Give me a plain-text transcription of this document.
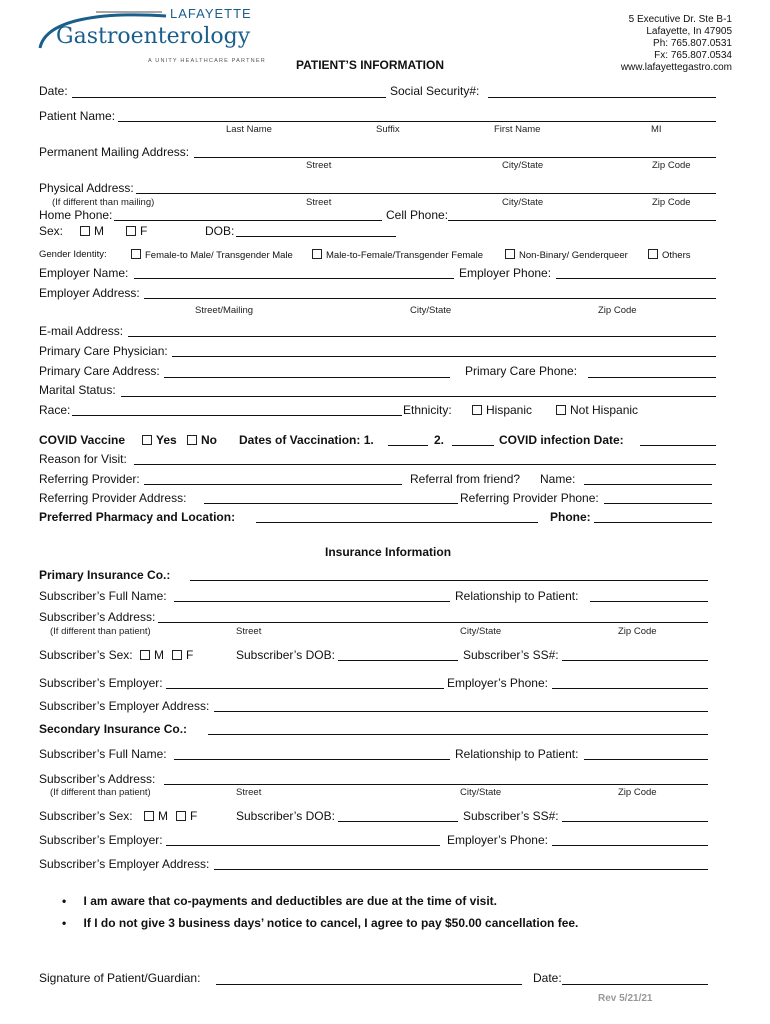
LAFAYETTE
Gastroenterology
A UNITY HEALTHCARE PARTNER
5 Executive Dr. Ste B-1
Lafayette, In 47905
Ph: 765.807.0531
Fx: 765.807.0534
www.lafayettegastro.com
PATIENT’S INFORMATION
Date:	Social Security#:
Patient Name:
Last Name	Suffix	First Name	MI
Permanent Mailing Address:
Street	City/State	Zip Code
Physical Address:
(If different than mailing)	Street	City/State	Zip Code
Home Phone:	Cell Phone:
Sex:	M	F	DOB:
Gender Identity:	Female-to Male/ Transgender Male	Male-to-Female/Transgender Female	Non-Binary/ Genderqueer	Others
Employer Name:	Employer Phone:
Employer Address:
Street/Mailing	City/State	Zip Code
E-mail Address:
Primary Care Physician:
Primary Care Address:	Primary Care Phone:
Marital Status:
Race:	Ethnicity:	Hispanic	Not Hispanic
COVID Vaccine	Yes	No Dates of Vaccination: 1.	2.	COVID infection Date:
Reason for Visit:
Referring Provider:	Referral from friend? Name:
Referring Provider Address:	Referring Provider Phone:
Preferred Pharmacy and Location:	Phone:
Insurance Information
Primary Insurance Co.:
Subscriber’s Full Name:	Relationship to Patient:
Subscriber’s Address:
(If different than patient)	Street	City/State	Zip Code
Subscriber’s Sex:	M	F	Subscriber’s DOB:	Subscriber’s SS#:
Subscriber’s Employer:	Employer’s Phone:
Subscriber’s Employer Address:
Secondary Insurance Co.:
Subscriber’s Full Name:	Relationship to Patient:
Subscriber’s Address:
(If different than patient)	Street	City/State	Zip Code
Subscriber’s Sex:	M	F	Subscriber’s DOB:	Subscriber’s SS#:
Subscriber’s Employer:	Employer’s Phone:
Subscriber’s Employer Address:
• I am aware that co-payments and deductibles are due at the time of visit.
• If I do not give 3 business days’ notice to cancel, I agree to pay $50.00 cancellation fee.
Signature of Patient/Guardian:	Date:
Rev 5/21/21
